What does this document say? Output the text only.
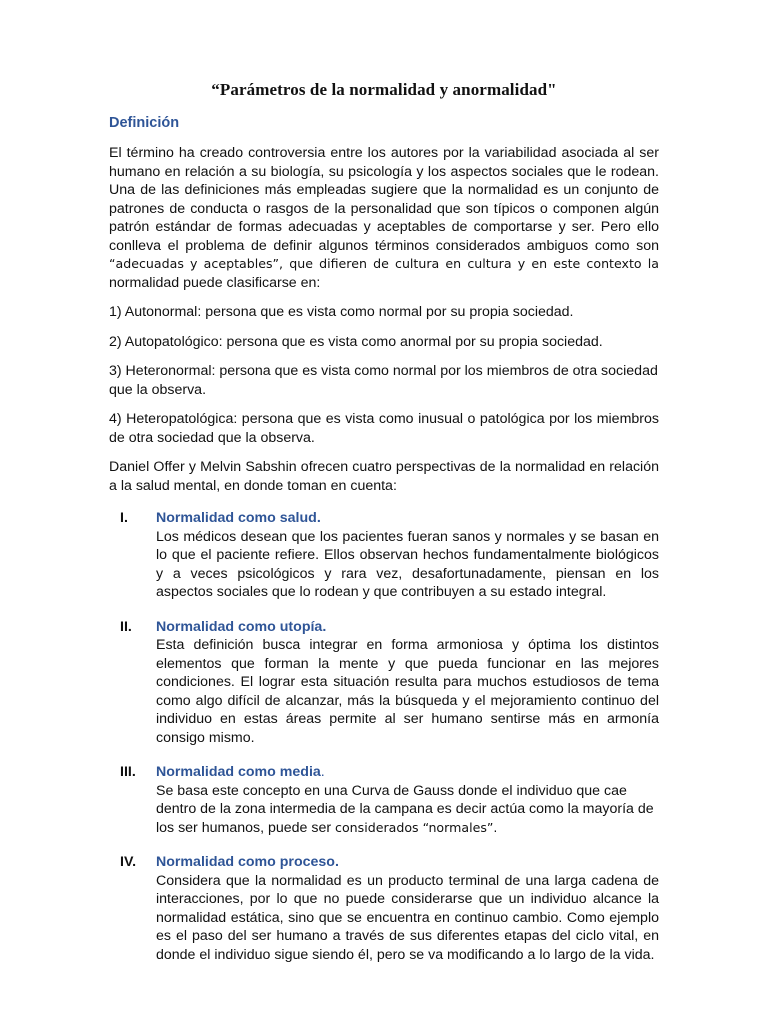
“Parámetros de la normalidad y anormalidad"
Definición

El término ha creado controversia entre los autores por la variabilidad asociada al ser humano en relación a su biología, su psicología y los aspectos sociales que le rodean. Una de las definiciones más empleadas sugiere que la normalidad es un conjunto de patrones de conducta o rasgos de la personalidad que son típicos o componen algún patrón estándar de formas adecuadas y aceptables de comportarse y ser. Pero ello conlleva el problema de definir algunos términos considerados ambiguos como son “adecuadas y aceptables”, que difieren de cultura en cultura y en este contexto la normalidad puede clasificarse en:

1) Autonormal: persona que es vista como normal por su propia sociedad.

2) Autopatológico: persona que es vista como anormal por su propia sociedad.

3) Heteronormal: persona que es vista como normal por los miembros de otra sociedad que la observa.

4) Heteropatológica: persona que es vista como inusual o patológica por los miembros de otra sociedad que la observa.

Daniel Offer y Melvin Sabshin ofrecen cuatro perspectivas de la normalidad en relación a la salud mental, en donde toman en cuenta:

I. Normalidad como salud.

Los médicos desean que los pacientes fueran sanos y normales y se basan en lo que el paciente refiere. Ellos observan hechos fundamentalmente biológicos y a veces psicológicos y rara vez, desafortunadamente, piensan en los aspectos sociales que lo rodean y que contribuyen a su estado integral.

II. Normalidad como utopía.

Esta definición busca integrar en forma armoniosa y óptima los distintos elementos que forman la mente y que pueda funcionar en las mejores condiciones. El lograr esta situación resulta para muchos estudiosos de tema como algo difícil de alcanzar, más la búsqueda y el mejoramiento continuo del individuo en estas áreas permite al ser humano sentirse más en armonía consigo mismo.

III. Normalidad como media.

Se basa este concepto en una Curva de Gauss donde el individuo que cae dentro de la zona intermedia de la campana es decir actúa como la mayoría de los ser humanos, puede ser considerados “normales”.

IV. Normalidad como proceso.

Considera que la normalidad es un producto terminal de una larga cadena de interacciones, por lo que no puede considerarse que un individuo alcance la normalidad estática, sino que se encuentra en continuo cambio. Como ejemplo es el paso del ser humano a través de sus diferentes etapas del ciclo vital, en donde el individuo sigue siendo él, pero se va modificando a lo largo de la vida.
